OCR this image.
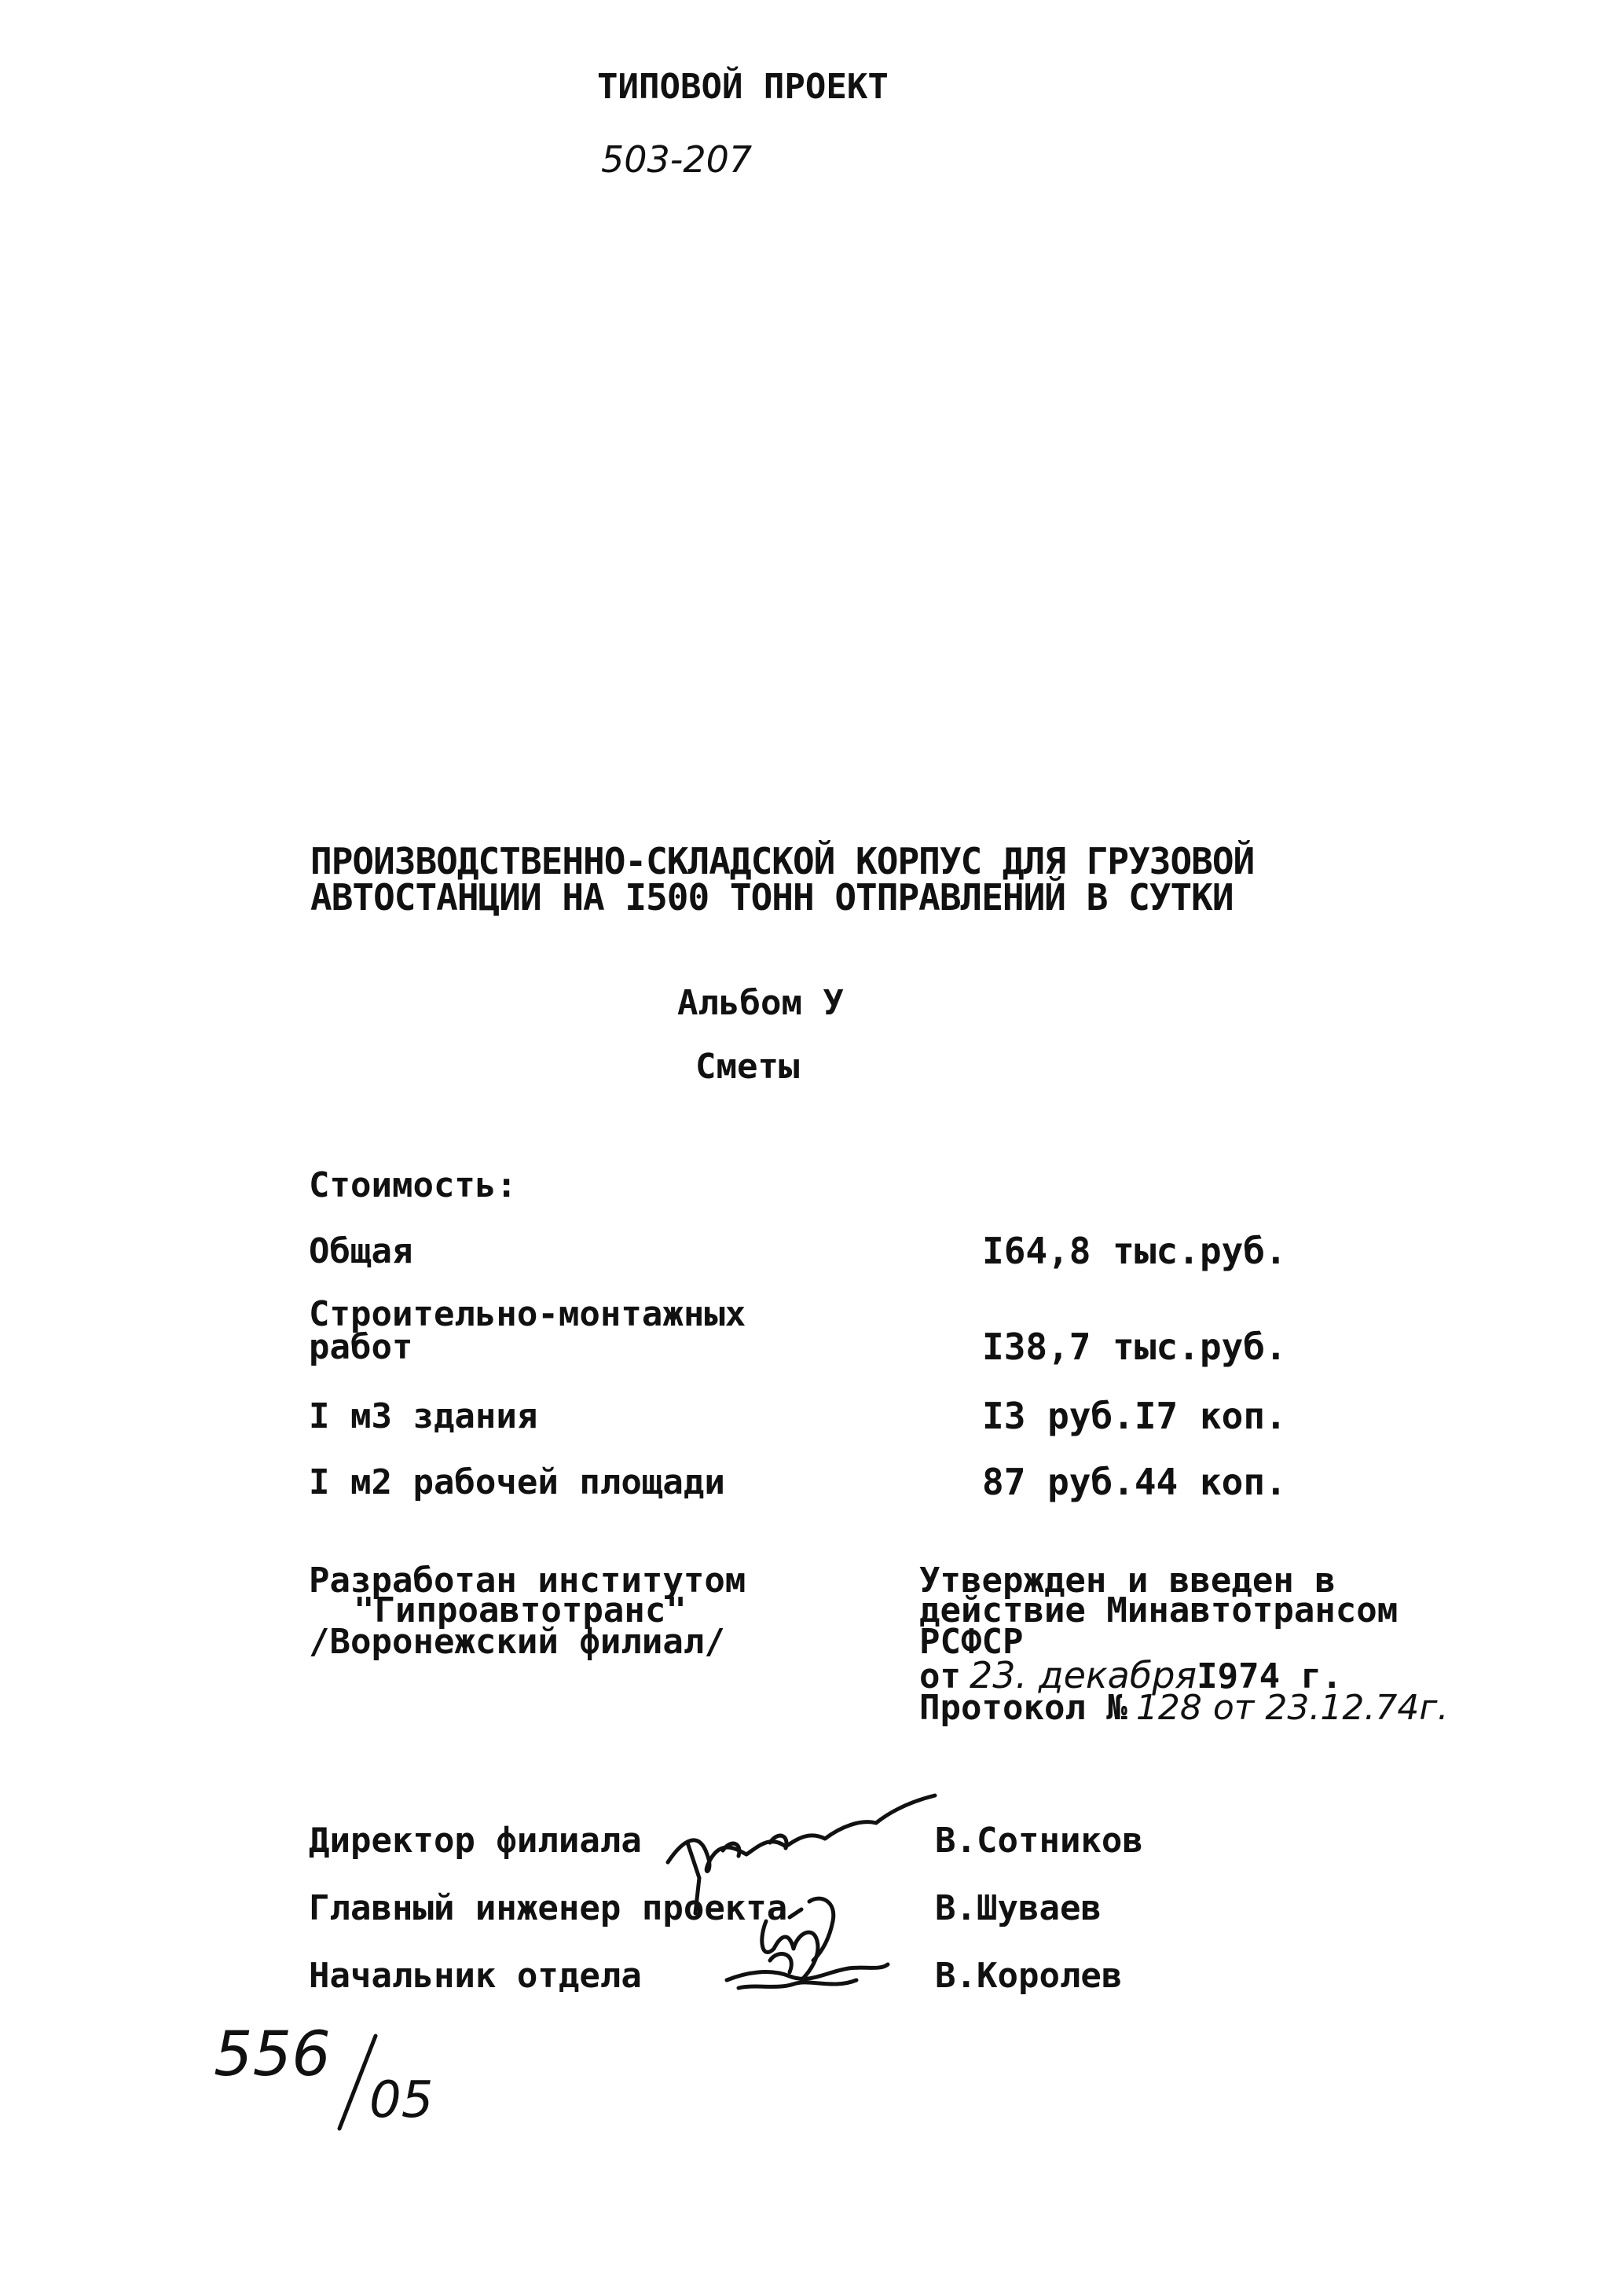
ТИПОВОЙ ПРОЕКТ
503-207
ПРОИЗВОДСТВЕННО-СКЛАДСКОЙ КОРПУС ДЛЯ ГРУЗОВОЙ
АВТОСТАНЦИИ НА I500 ТОНН ОТПРАВЛЕНИЙ В СУТКИ
Альбом У
Сметы
Стоимость:
Общая	I64,8 тыс.руб.
Строительно-монтажных
работ	I38,7 тыс.руб.
I м3 здания	I3 руб.I7 коп.
I м2 рабочей площади	87 руб.44 коп.
Разработан институтом
"Гипроавтотранс"
/Воронежский филиал/
Утвержден и введен в
действие Минавтотрансом
РСФСР
от 23. декабряI974 г.
Протокол № 128 от 23.12.74г.
Директор филиала	В.Сотников
Главный инженер проекта	В.Шуваев
Начальник отдела	В.Королев
556
05
